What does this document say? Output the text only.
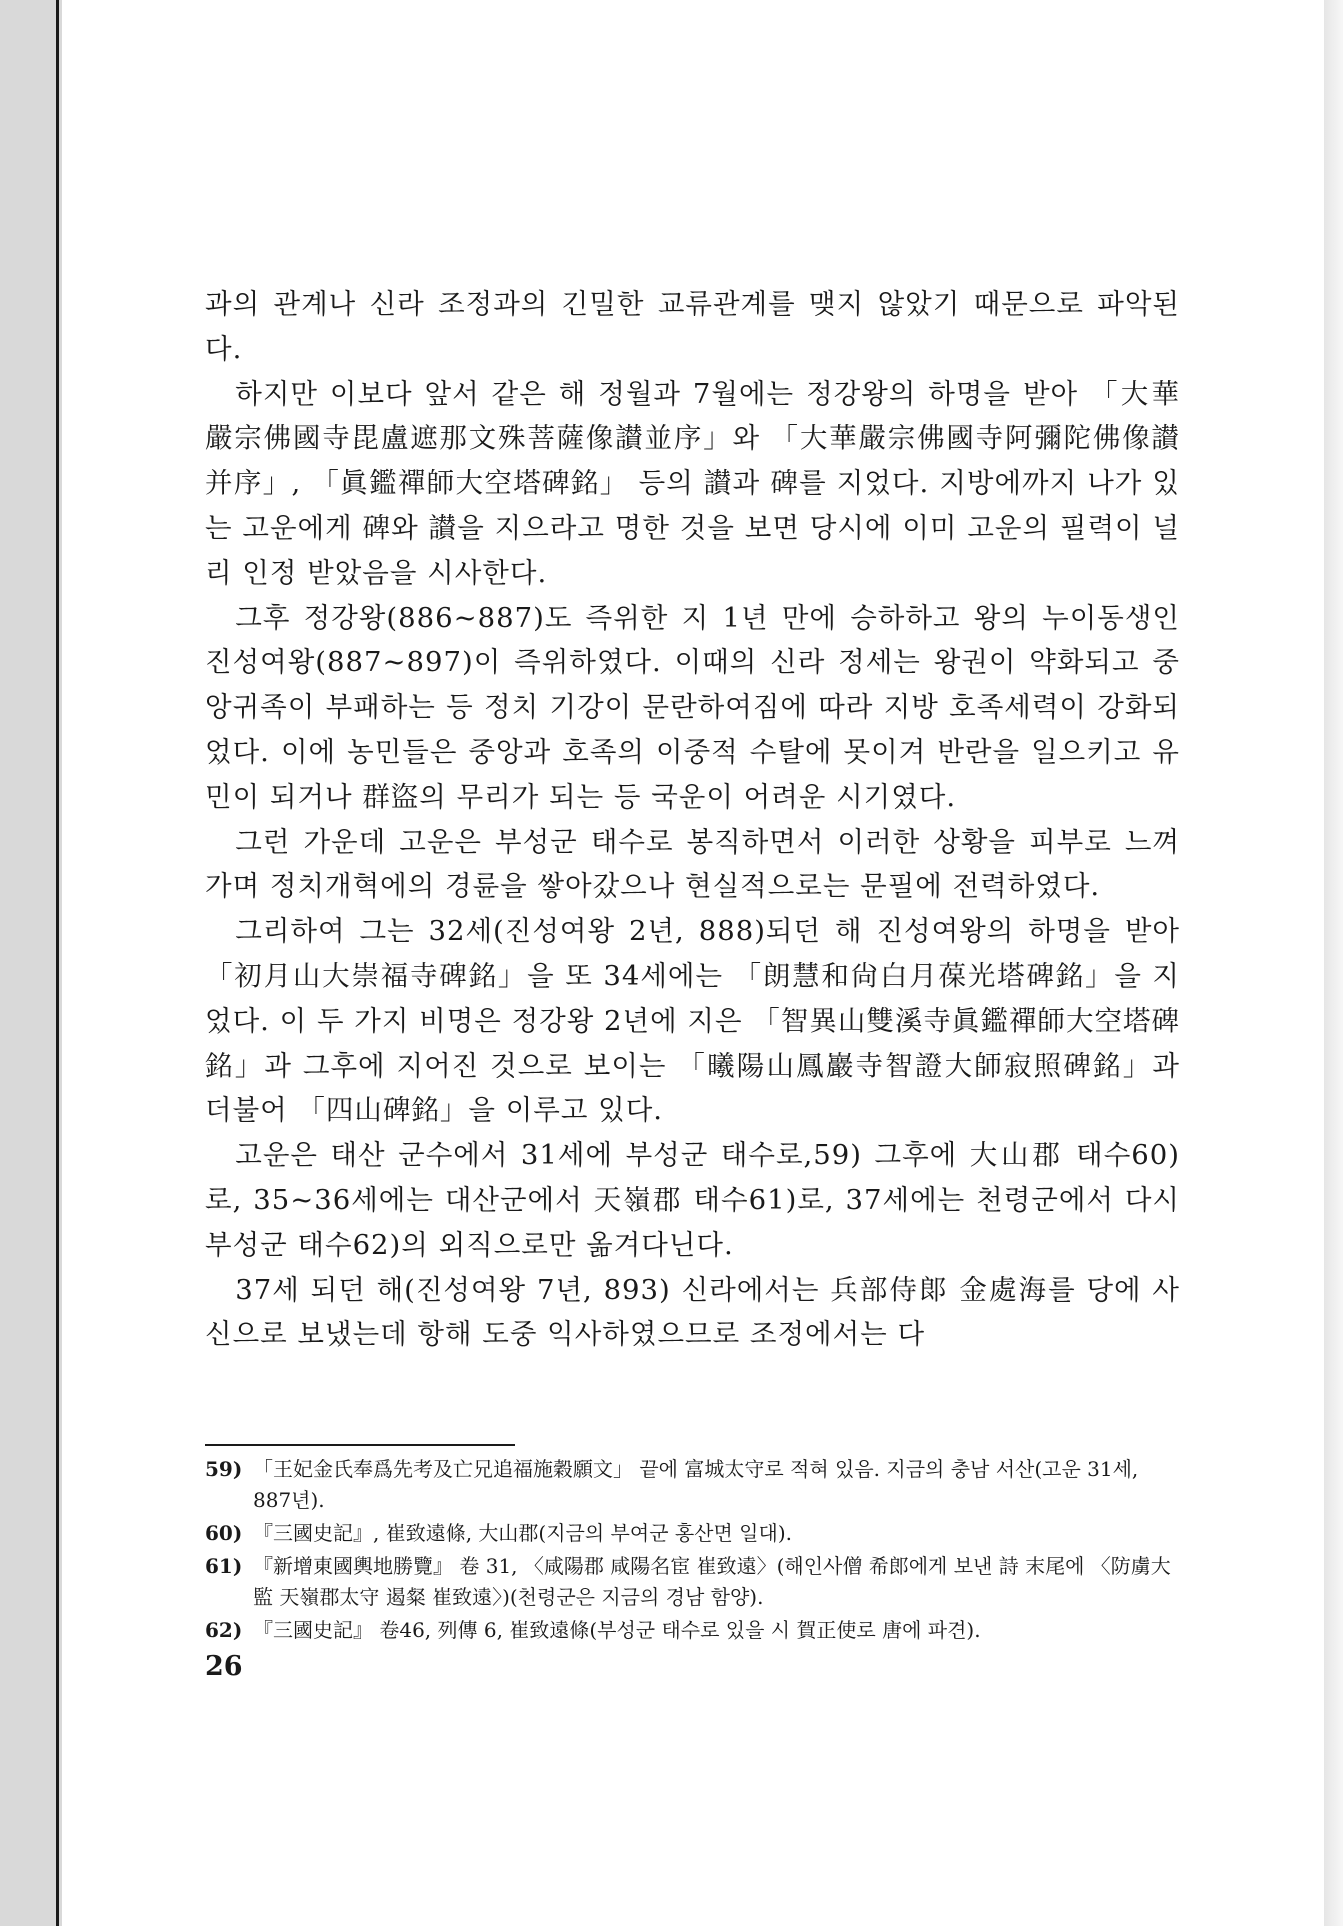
과의 관계나 신라 조정과의 긴밀한 교류관계를 맺지 않았기 때문으로 파악된다.

하지만 이보다 앞서 같은 해 정월과 7월에는 정강왕의 하명을 받아 「大華嚴宗佛國寺毘盧遮那文殊菩薩像讃並序」와 「大華嚴宗佛國寺阿彌陀佛像讃并序」, 「眞鑑禪師大空塔碑銘」 등의 讃과 碑를 지었다. 지방에까지 나가 있는 고운에게 碑와 讃을 지으라고 명한 것을 보면 당시에 이미 고운의 필력이 널리 인정 받았음을 시사한다.

그후 정강왕(886~887)도 즉위한 지 1년 만에 승하하고 왕의 누이동생인 진성여왕(887~897)이 즉위하였다. 이때의 신라 정세는 왕권이 약화되고 중앙귀족이 부패하는 등 정치 기강이 문란하여짐에 따라 지방 호족세력이 강화되었다. 이에 농민들은 중앙과 호족의 이중적 수탈에 못이겨 반란을 일으키고 유민이 되거나 群盜의 무리가 되는 등 국운이 어려운 시기였다.

그런 가운데 고운은 부성군 태수로 봉직하면서 이러한 상황을 피부로 느껴 가며 정치개혁에의 경륜을 쌓아갔으나 현실적으로는 문필에 전력하였다.

그리하여 그는 32세(진성여왕 2년, 888)되던 해 진성여왕의 하명을 받아 「初月山大崇福寺碑銘」을 또 34세에는 「朗慧和尙白月葆光塔碑銘」을 지었다. 이 두 가지 비명은 정강왕 2년에 지은 「智異山雙溪寺眞鑑禪師大空塔碑銘」과 그후에 지어진 것으로 보이는 「曦陽山鳳巖寺智證大師寂照碑銘」과 더불어 「四山碑銘」을 이루고 있다.

고운은 태산 군수에서 31세에 부성군 태수로,59) 그후에 大山郡 태수60)로, 35~36세에는 대산군에서 天嶺郡 태수61)로, 37세에는 천령군에서 다시 부성군 태수62)의 외직으로만 옮겨다닌다.

37세 되던 해(진성여왕 7년, 893) 신라에서는 兵部侍郞 金處海를 당에 사신으로 보냈는데 항해 도중 익사하였으므로 조정에서는 다

59) 「王妃金氏奉爲先考及亡兄追福施穀願文」 끝에 富城太守로 적혀 있음. 지금의 충남 서산(고운 31세, 887년).

60) 『三國史記』, 崔致遠條, 大山郡(지금의 부여군 홍산면 일대).

61) 『新增東國輿地勝覽』 卷 31, 〈咸陽郡 咸陽名宦 崔致遠〉(해인사僧 希郎에게 보낸 詩 末尾에 〈防虜大監 天嶺郡太守 遏粲 崔致遠〉)(천령군은 지금의 경남 함양).

62) 『三國史記』 卷46, 列傳 6, 崔致遠條(부성군 태수로 있을 시 賀正使로 唐에 파견).

26
